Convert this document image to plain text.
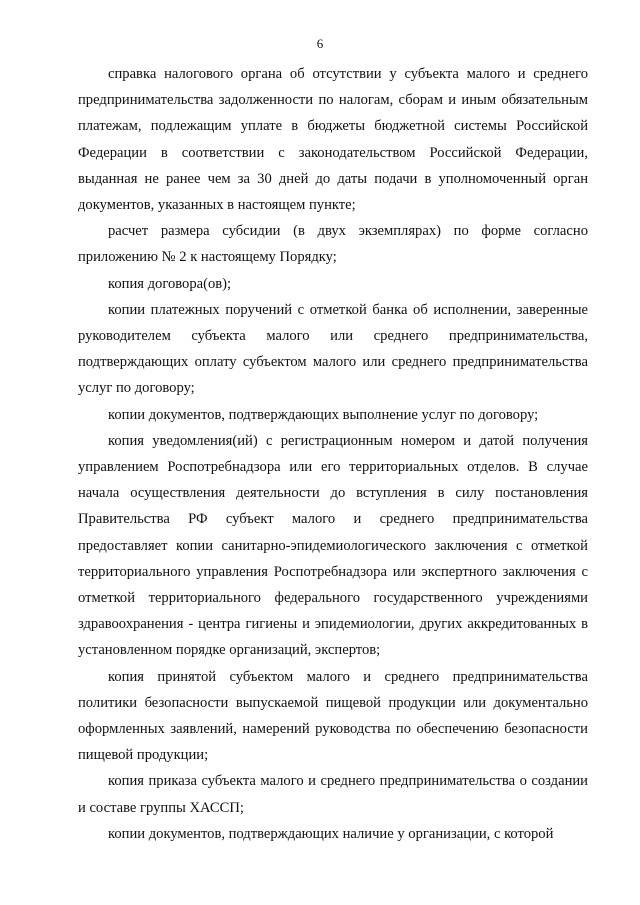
6

справка налогового органа об отсутствии у субъекта малого и среднего предпринимательства задолженности по налогам, сборам и иным обязательным платежам, подлежащим уплате в бюджеты бюджетной системы Российской Федерации в соответствии с законодательством Российской Федерации, выданная не ранее чем за 30 дней до даты подачи в уполномоченный орган документов, указанных в настоящем пункте;

расчет размера субсидии (в двух экземплярах) по форме согласно приложению № 2 к настоящему Порядку;

копия договора(ов);

копии платежных поручений с отметкой банка об исполнении, заверенные руководителем субъекта малого или среднего предпринимательства, подтверждающих оплату субъектом малого или среднего предпринимательства услуг по договору;

копии документов, подтверждающих выполнение услуг по договору;

копия уведомления(ий) с регистрационным номером и датой получения управлением Роспотребнадзора или его территориальных отделов. В случае начала осуществления деятельности до вступления в силу постановления Правительства РФ субъект малого и среднего предпринимательства предоставляет копии санитарно-эпидемиологического заключения с отметкой территориального управления Роспотребнадзора или экспертного заключения с отметкой территориального федерального государственного учреждениями здравоохранения - центра гигиены и эпидемиологии, других аккредитованных в установленном порядке организаций, экспертов;

копия принятой субъектом малого и среднего предпринимательства политики безопасности выпускаемой пищевой продукции или документально оформленных заявлений, намерений руководства по обеспечению безопасности пищевой продукции;

копия приказа субъекта малого и среднего предпринимательства о создании и составе группы ХАССП;

копии документов, подтверждающих наличие у организации, с которой
